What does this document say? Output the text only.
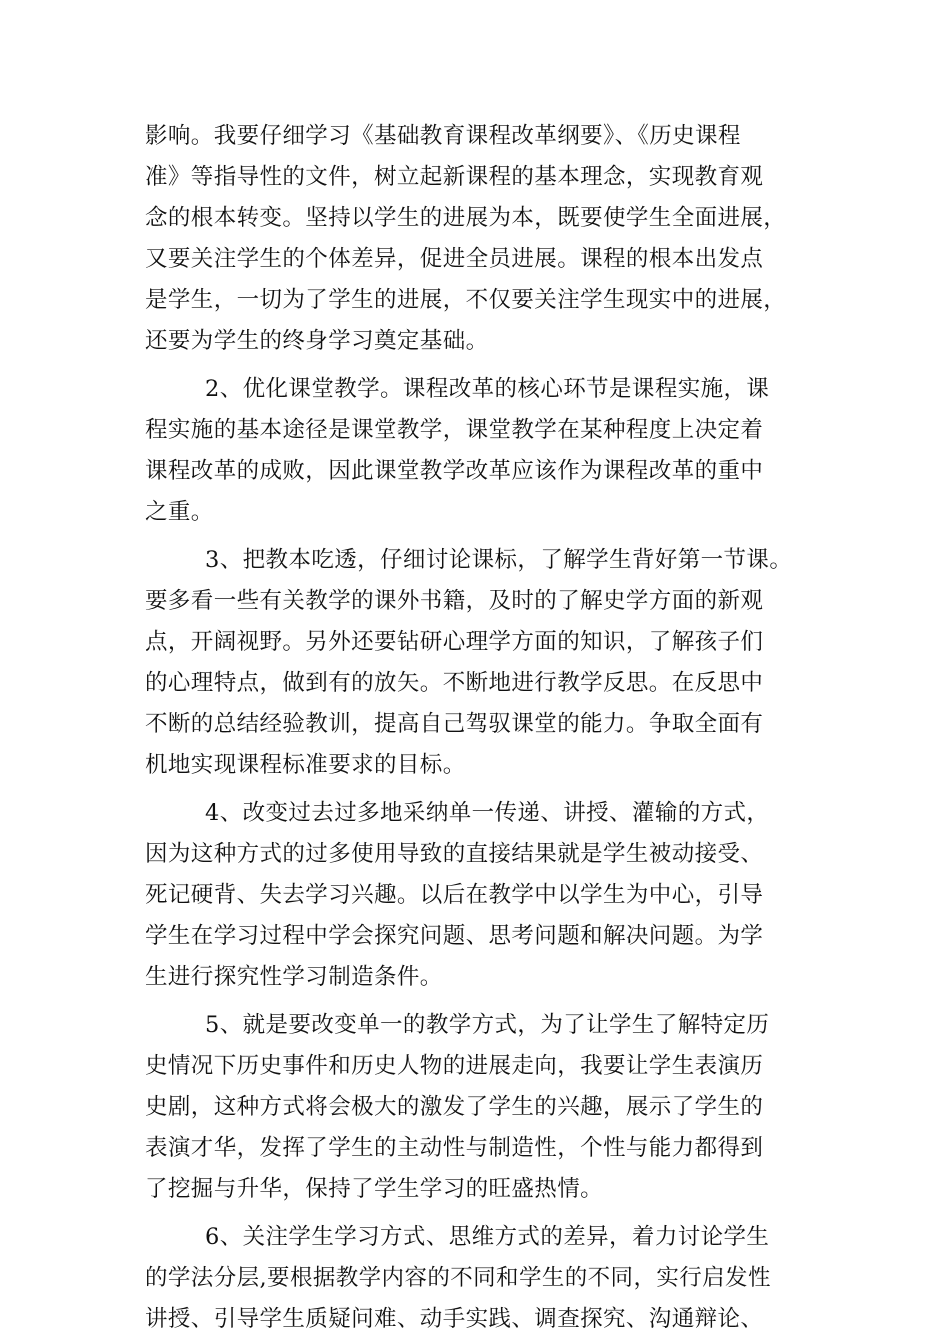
影响。我要仔细学习《基础教育课程改革纲要》、《历史课程
准》等指导性的文件，树立起新课程的基本理念，实现教育观
念的根本转变。坚持以学生的进展为本，既要使学生全面进展，
又要关注学生的个体差异，促进全员进展。课程的根本出发点
是学生，一切为了学生的进展，不仅要关注学生现实中的进展，
还要为学生的终身学习奠定基础。
2、优化课堂教学。课程改革的核心环节是课程实施，课
程实施的基本途径是课堂教学，课堂教学在某种程度上决定着
课程改革的成败，因此课堂教学改革应该作为课程改革的重中
之重。
3、把教本吃透，仔细讨论课标，了解学生背好第一节课。
要多看一些有关教学的课外书籍，及时的了解史学方面的新观
点，开阔视野。另外还要钻研心理学方面的知识，了解孩子们
的心理特点，做到有的放矢。不断地进行教学反思。在反思中
不断的总结经验教训，提高自己驾驭课堂的能力。争取全面有
机地实现课程标准要求的目标。
4、改变过去过多地采纳单一传递、讲授、灌输的方式，
因为这种方式的过多使用导致的直接结果就是学生被动接受、
死记硬背、失去学习兴趣。以后在教学中以学生为中心，引导
学生在学习过程中学会探究问题、思考问题和解决问题。为学
生进行探究性学习制造条件。
5、就是要改变单一的教学方式，为了让学生了解特定历
史情况下历史事件和历史人物的进展走向，我要让学生表演历
史剧，这种方式将会极大的激发了学生的兴趣，展示了学生的
表演才华，发挥了学生的主动性与制造性，个性与能力都得到
了挖掘与升华，保持了学生学习的旺盛热情。
6、关注学生学习方式、思维方式的差异，着力讨论学生
的学法分层,要根据教学内容的不同和学生的不同，实行启发性
讲授、引导学生质疑问难、动手实践、调查探究、沟通辩论、
